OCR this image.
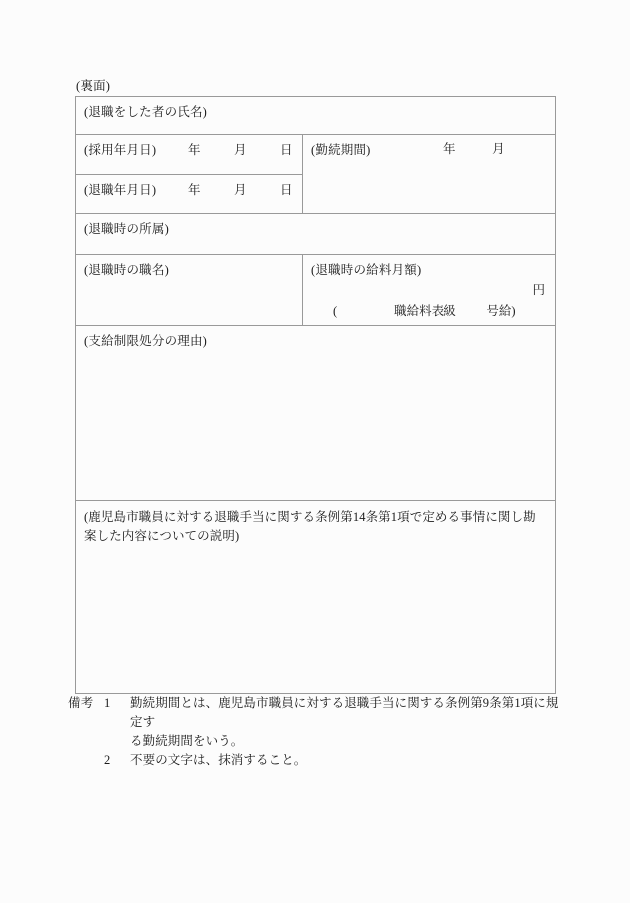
(裏面)
(退職をした者の氏名)	

(採用年月日) 年 月 日	(勤続期間) 年 月

(退職年月日) 年 月 日	

(退職時の所属)	

(退職時の職名)	(退職時の給料月額)
円
( 職給料表 級 号給)

(支給制限処分の理由)	

(鹿児島市職員に対する退職手当に関する条例第14条第1項で定める事情に関し勘案した内容についての説明)	
備考 1	勤続期間とは、鹿児島市職員に対する退職手当に関する条例第9条第1項に規定す
る勤続期間をいう。
2	不要の文字は、抹消すること。
